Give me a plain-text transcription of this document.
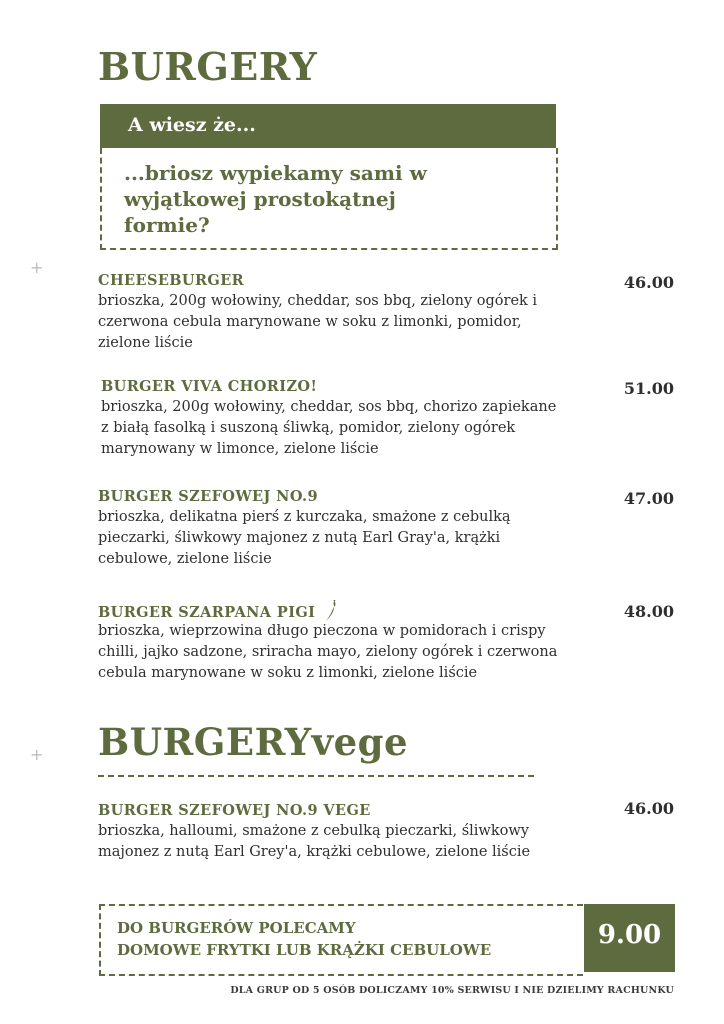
BURGERY
A wiesz że...
...briosz wypiekamy sami w wyjątkowej prostokątnej formie?
+
+
CHEESEBURGER
brioszka, 200g wołowiny, cheddar, sos bbq, zielony ogórek i czerwona cebula marynowane w soku z limonki, pomidor, zielone liście
46.00
BURGER VIVA CHORIZO!
brioszka, 200g wołowiny, cheddar, sos bbq, chorizo zapiekane z białą fasolką i suszoną śliwką, pomidor, zielony ogórek marynowany w limonce, zielone liście
51.00
BURGER SZEFOWEJ NO.9
brioszka, delikatna pierś z kurczaka, smażone z cebulką pieczarki, śliwkowy majonez z nutą Earl Gray'a, krążki cebulowe, zielone liście
47.00
BURGER SZARPANA PIGI
brioszka, wieprzowina długo pieczona w pomidorach i crispy chilli, jajko sadzone, sriracha mayo, zielony ogórek i czerwona cebula marynowane w soku z limonki, zielone liście
48.00
BURGERYvege
BURGER SZEFOWEJ NO.9 VEGE
brioszka, halloumi, smażone z cebulką pieczarki, śliwkowy majonez z nutą Earl Grey'a, krążki cebulowe, zielone liście
46.00
DO BURGERÓW POLECAMY
DOMOWE FRYTKI LUB KRĄŻKI CEBULOWE	9.00
DLA GRUP OD 5 OSÓB DOLICZAMY 10% SERWISU I NIE DZIELIMY RACHUNKU
